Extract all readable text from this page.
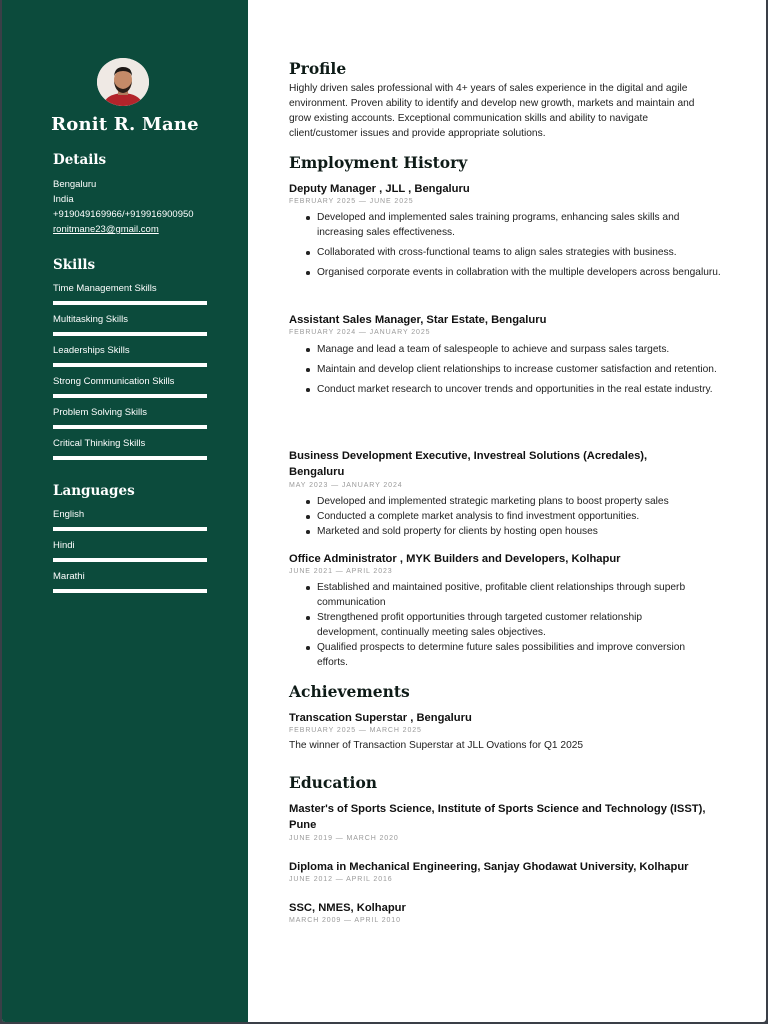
Ronit R. Mane
Details
Bengaluru
India
+919049169966/+919916900950
ronitmane23@gmail.com
Skills
Time Management Skills
Multitasking Skills
Leaderships Skills
Strong Communication Skills
Problem Solving Skills
Critical Thinking Skills
Languages
English
Hindi
Marathi
Profile
Highly driven sales professional with 4+ years of sales experience in the digital and agile environment. Proven ability to identify and develop new growth, markets and maintain and grow existing accounts. Exceptional communication skills and ability to navigate client/customer issues and provide appropriate solutions.
Employment History
Deputy Manager , JLL , Bengaluru
FEBRUARY 2025 — JUNE 2025
Developed and implemented sales training programs, enhancing sales skills and increasing sales effectiveness.
Collaborated with cross-functional teams to align sales strategies with business.
Organised corporate events in collabration with the multiple developers across bengaluru.
Assistant Sales Manager, Star Estate, Bengaluru
FEBRUARY 2024 — JANUARY 2025
Manage and lead a team of salespeople to achieve and surpass sales targets.
Maintain and develop client relationships to increase customer satisfaction and retention.
Conduct market research to uncover trends and opportunities in the real estate industry.
Business Development Executive, Investreal Solutions (Acredales), Bengaluru
MAY 2023 — JANUARY 2024
Developed and implemented strategic marketing plans to boost property sales
Conducted a complete market analysis to find investment opportunities.
Marketed and sold property for clients by hosting open houses
Office Administrator , MYK Builders and Developers, Kolhapur
JUNE 2021 — APRIL 2023
Established and maintained positive, profitable client relationships through superb communication
Strengthened profit opportunities through targeted customer relationship development, continually meeting sales objectives.
Qualified prospects to determine future sales possibilities and improve conversion efforts.
Achievements
Transcation Superstar , Bengaluru
FEBRUARY 2025 — MARCH 2025
The winner of Transaction Superstar at JLL Ovations for Q1 2025
Education
Master's of Sports Science, Institute of Sports Science and Technology (ISST), Pune
JUNE 2019 — MARCH 2020
Diploma in Mechanical Engineering, Sanjay Ghodawat University, Kolhapur
JUNE 2012 — APRIL 2016
SSC, NMES, Kolhapur
MARCH 2009 — APRIL 2010
